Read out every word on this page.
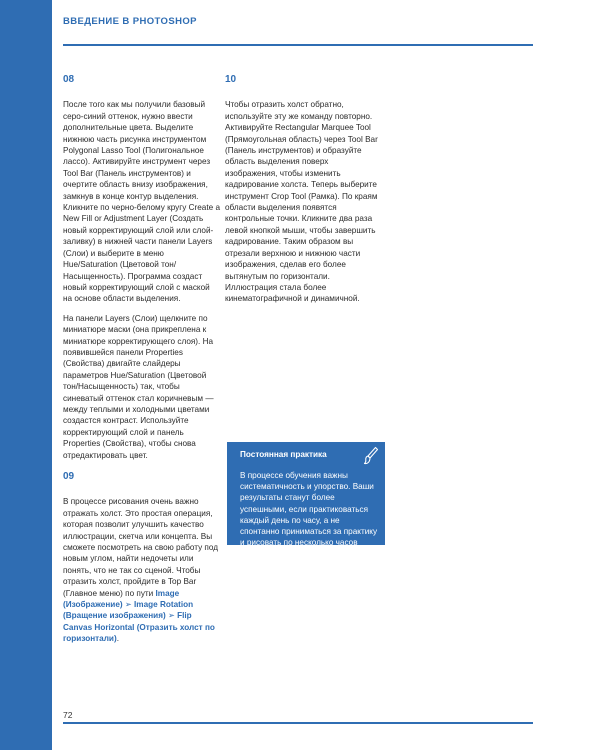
ВВЕДЕНИЕ В PHOTOSHOP
08

После того как мы получили базовый серо-синий оттенок, нужно ввести дополнительные цвета. Выделите нижнюю часть рисунка инструментом Polygonal Lasso Tool (Полигональное лассо). Активируйте инструмент через Tool Bar (Панель инструментов) и очертите область внизу изображения, замкнув в конце контур выделения. Кликните по черно-белому кругу Create a New Fill or Adjustment Layer (Создать новый корректирующий слой или слой-заливку) в нижней части панели Layers (Слои) и выберите в меню Hue/Saturation (Цветовой тон/Насыщенность). Программа создаст новый корректирующий слой с маской на основе области выделения.

На панели Layers (Слои) щелкните по миниатюре маски (она прикреплена к миниатюре корректирующего слоя). На появившейся панели Properties (Свойства) двигайте слайдеры параметров Hue/Saturation (Цветовой тон/Насыщенность) так, чтобы синеватый оттенок стал коричневым — между теплыми и холодными цветами создастся контраст. Используйте корректирующий слой и панель Properties (Свойства), чтобы снова отредактировать цвет.

09

В процессе рисования очень важно отражать холст. Это простая операция, которая позволит улучшить качество иллюстрации, скетча или концепта. Вы сможете посмотреть на свою работу под новым углом, найти недочеты или понять, что не так со сценой. Чтобы отразить холст, пройдите в Top Bar (Главное меню) по пути Image (Изображение) ➢ Image Rotation (Вращение изображения) ➢ Flip Canvas Horizontal (Отразить холст по горизонтали).

10

Чтобы отразить холст обратно, используйте эту же команду повторно. Активируйте Rectangular Marquee Tool (Прямоугольная область) через Tool Bar (Панель инструментов) и образуйте область выделения поверх изображения, чтобы изменить кадрирование холста. Теперь выберите инструмент Crop Tool (Рамка). По краям области выделения появятся контрольные точки. Кликните два раза левой кнопкой мыши, чтобы завершить кадрирование. Таким образом вы отрезали верхнюю и нижнюю части изображения, сделав его более вытянутым по горизонтали. Иллюстрация стала более кинематографичной и динамичной.

Постоянная практика
В процессе обучения важны систематичность и упорство. Ваши результаты станут более успешными, если практиковаться каждый день по часу, а не спонтанно приниматься за практику и рисовать по несколько часов кряду.
72
